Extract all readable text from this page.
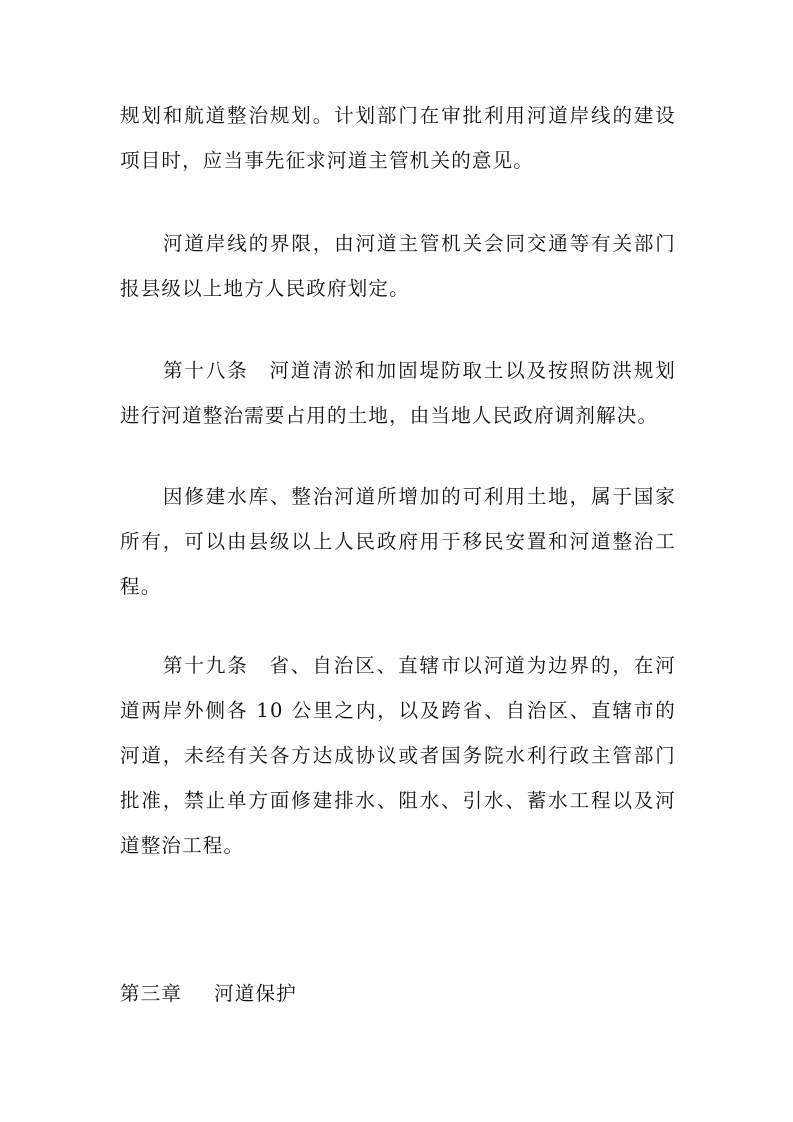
规划和航道整治规划。计划部门在审批利用河道岸线的建设项目时，应当事先征求河道主管机关的意见。

河道岸线的界限，由河道主管机关会同交通等有关部门报县级以上地方人民政府划定。

第十八条 河道清淤和加固堤防取土以及按照防洪规划进行河道整治需要占用的土地，由当地人民政府调剂解决。

因修建水库、整治河道所增加的可利用土地，属于国家所有，可以由县级以上人民政府用于移民安置和河道整治工程。

第十九条 省、自治区、直辖市以河道为边界的，在河道两岸外侧各 10 公里之内，以及跨省、自治区、直辖市的河道，未经有关各方达成协议或者国务院水利行政主管部门批准，禁止单方面修建排水、阻水、引水、蓄水工程以及河道整治工程。

第三章 河道保护
